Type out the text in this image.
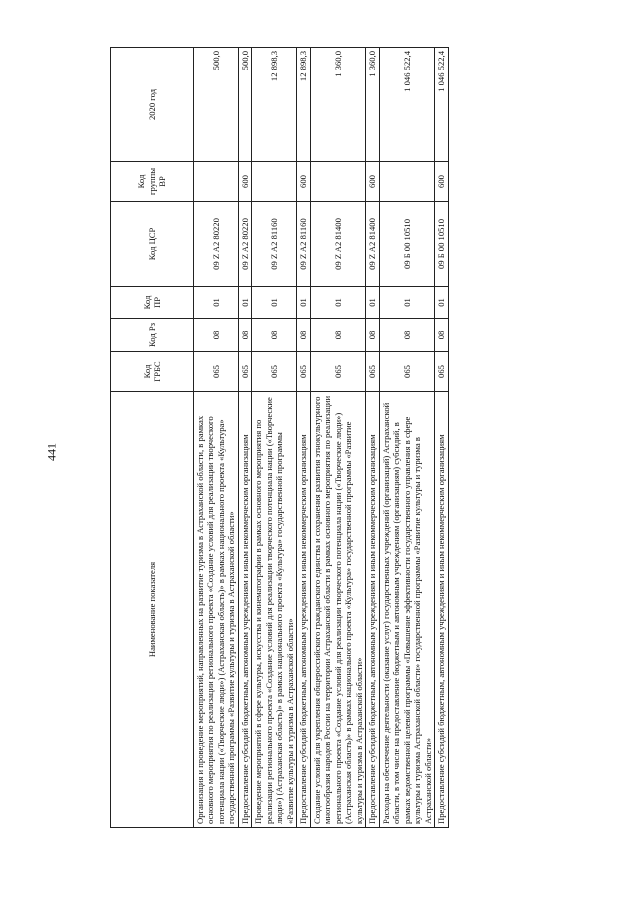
441
Наименование показателя	Код ГРБС	Код Рз	Код ПР	Код ЦСР	Код группы ВР	2020 год
Организация и проведение мероприятий, направленных на развитие туризма в Астраханской области, в рамках основного мероприятия по реализации регионального проекта «Создание условий для реализации творческого потенциала нации («Творческие люди») (Астраханская область)» в рамках национального проекта «Культура» государственной программы «Развитие культуры и туризма в Астраханской области»	065	08	01	09 Z A2 80220		500,0
Предоставление субсидий бюджетным, автономным учреждениям и иным некоммерческим организациям	065	08	01	09 Z A2 80220	600	500,0
Проведение мероприятий в сфере культуры, искусства и кинематографии в рамках основного мероприятия по реализации регионального проекта «Создание условий для реализации творческого потенциала нации («Творческие люди») (Астраханская область)» в рамках национального проекта «Культура» государственной программы «Развитие культуры и туризма в Астраханской области»	065	08	01	09 Z A2 81160		12 898,3
Предоставление субсидий бюджетным, автономным учреждениям и иным некоммерческим организациям	065	08	01	09 Z A2 81160	600	12 898,3
Создание условий для укрепления общероссийского гражданского единства и сохранения развития этнокультурного многообразия народов России на территории Астраханской области в рамках основного мероприятия по реализации регионального проекта «Создание условий для реализации творческого потенциала нации («Творческие люди») (Астраханская область)» в рамках национального проекта «Культура» государственной программы «Развитие культуры и туризма в Астраханской области»	065	08	01	09 Z A2 81400		1 360,0
Предоставление субсидий бюджетным, автономным учреждениям и иным некоммерческим организациям	065	08	01	09 Z A2 81400	600	1 360,0
Расходы на обеспечение деятельности (оказание услуг) государственных учреждений (организаций) Астраханской области, в том числе на предоставление бюджетным и автономным учреждениям (организациям) субсидий, в рамках ведомственной целевой программы «Повышение эффективности государственного управления в сфере культуры и туризма Астраханской области» государственной программы «Развитие культуры и туризма в Астраханской области»	065	08	01	09 Б 00 10510		1 046 522,4
Предоставление субсидий бюджетным, автономным учреждениям и иным некоммерческим организациям	065	08	01	09 Б 00 10510	600	1 046 522,4
